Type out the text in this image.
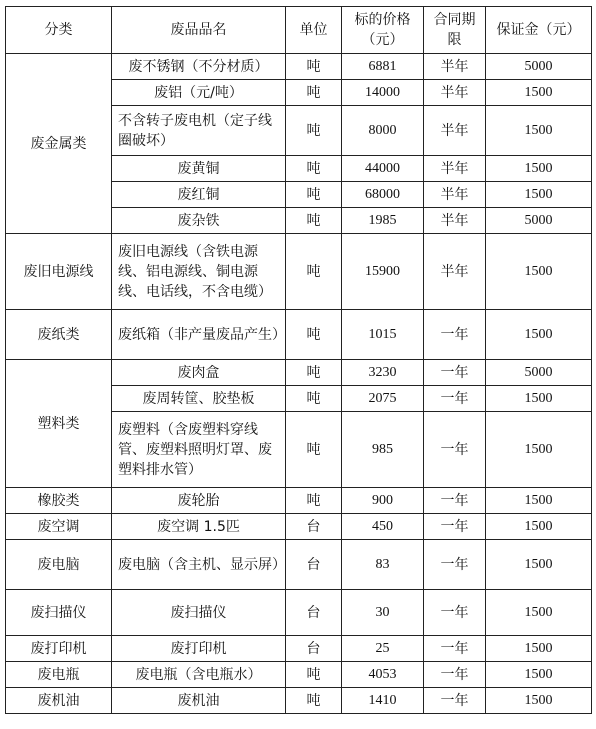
分类	废品品名	单位	标的价格（元）	合同期限	保证金（元）
废金属类	废不锈钢（不分材质）	吨	6881	半年	5000
	废铝（元/吨）	吨	14000	半年	1500
	不含转子废电机（定子线圈破坏）	吨	8000	半年	1500
	废黄铜	吨	44000	半年	1500
	废红铜	吨	68000	半年	1500
	废杂铁	吨	1985	半年	5000
废旧电源线	废旧电源线（含铁电源线、铝电源线、铜电源线、电话线，不含电缆）	吨	15900	半年	1500
废纸类	废纸箱（非产量废品产生）	吨	1015	一年	1500
塑料类	废肉盒	吨	3230	一年	5000
	废周转筐、胶垫板	吨	2075	一年	1500
	废塑料（含废塑料穿线管、废塑料照明灯罩、废塑料排水管）	吨	985	一年	1500
橡胶类	废轮胎	吨	900	一年	1500
废空调	废空调 1.5匹	台	450	一年	1500
废电脑	废电脑（含主机、显示屏）	台	83	一年	1500
废扫描仪	废扫描仪	台	30	一年	1500
废打印机	废打印机	台	25	一年	1500
废电瓶	废电瓶（含电瓶水）	吨	4053	一年	1500
废机油	废机油	吨	1410	一年	1500
